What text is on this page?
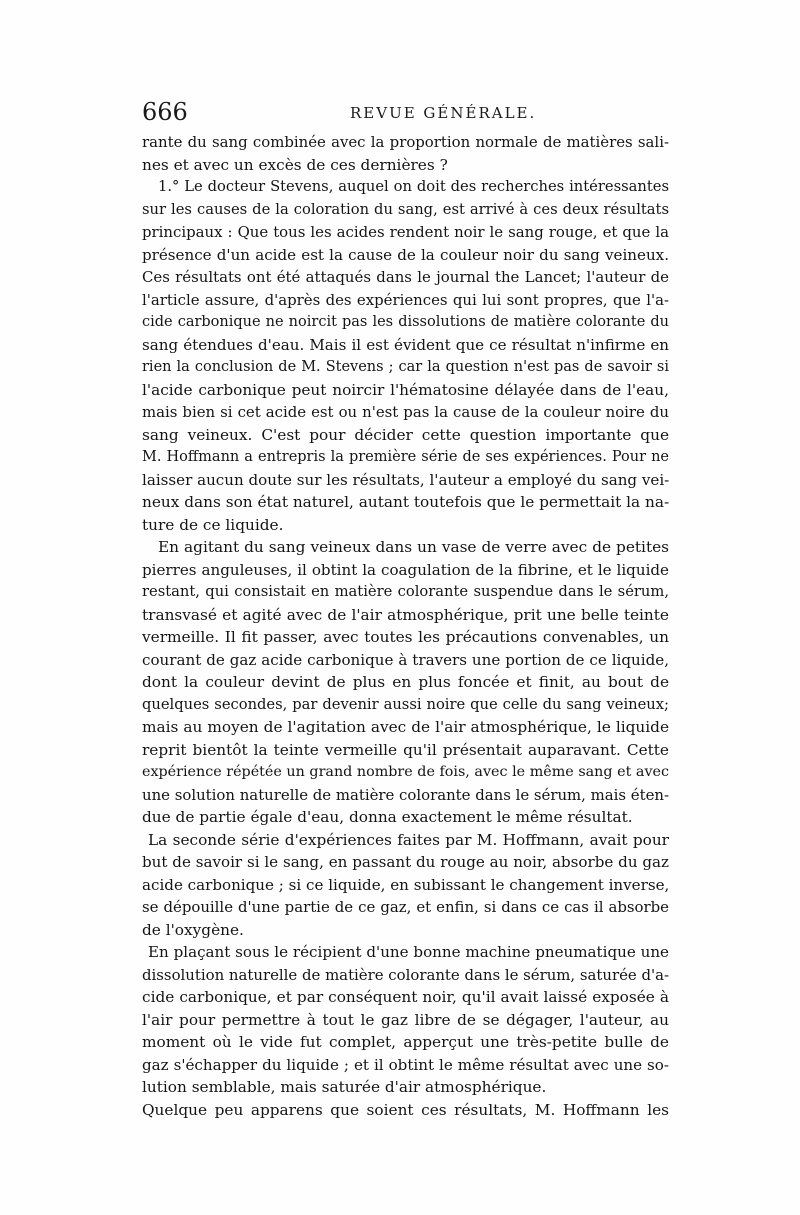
666	REVUE GÉNÉRALE.
rante du sang combinée avec la proportion normale de matières sali-
nes et avec un excès de ces dernières ?
1.° Le docteur Stevens, auquel on doit des recherches intéressantes
sur les causes de la coloration du sang, est arrivé à ces deux résultats
principaux : Que tous les acides rendent noir le sang rouge, et que la
présence d'un acide est la cause de la couleur noir du sang veineux.
Ces résultats ont été attaqués dans le journal the Lancet; l'auteur de
l'article assure, d'après des expériences qui lui sont propres, que l'a-
cide carbonique ne noircit pas les dissolutions de matière colorante du
sang étendues d'eau. Mais il est évident que ce résultat n'infirme en
rien la conclusion de M. Stevens ; car la question n'est pas de savoir si
l'acide carbonique peut noircir l'hématosine délayée dans de l'eau,
mais bien si cet acide est ou n'est pas la cause de la couleur noire du
sang veineux. C'est pour décider cette question importante que
M. Hoffmann a entrepris la première série de ses expériences. Pour ne
laisser aucun doute sur les résultats, l'auteur a employé du sang vei-
neux dans son état naturel, autant toutefois que le permettait la na-
ture de ce liquide.
En agitant du sang veineux dans un vase de verre avec de petites
pierres anguleuses, il obtint la coagulation de la fibrine, et le liquide
restant, qui consistait en matière colorante suspendue dans le sérum,
transvasé et agité avec de l'air atmosphérique, prit une belle teinte
vermeille. Il fit passer, avec toutes les précautions convenables, un
courant de gaz acide carbonique à travers une portion de ce liquide,
dont la couleur devint de plus en plus foncée et finit, au bout de
quelques secondes, par devenir aussi noire que celle du sang veineux;
mais au moyen de l'agitation avec de l'air atmosphérique, le liquide
reprit bientôt la teinte vermeille qu'il présentait auparavant. Cette
expérience répétée un grand nombre de fois, avec le même sang et avec
une solution naturelle de matière colorante dans le sérum, mais éten-
due de partie égale d'eau, donna exactement le même résultat.
La seconde série d'expériences faites par M. Hoffmann, avait pour
but de savoir si le sang, en passant du rouge au noir, absorbe du gaz
acide carbonique ; si ce liquide, en subissant le changement inverse,
se dépouille d'une partie de ce gaz, et enfin, si dans ce cas il absorbe
de l'oxygène.
En plaçant sous le récipient d'une bonne machine pneumatique une
dissolution naturelle de matière colorante dans le sérum, saturée d'a-
cide carbonique, et par conséquent noir, qu'il avait laissé exposée à
l'air pour permettre à tout le gaz libre de se dégager, l'auteur, au
moment où le vide fut complet, apperçut une très-petite bulle de
gaz s'échapper du liquide ; et il obtint le même résultat avec une so-
lution semblable, mais saturée d'air atmosphérique.
Quelque peu apparens que soient ces résultats, M. Hoffmann les
